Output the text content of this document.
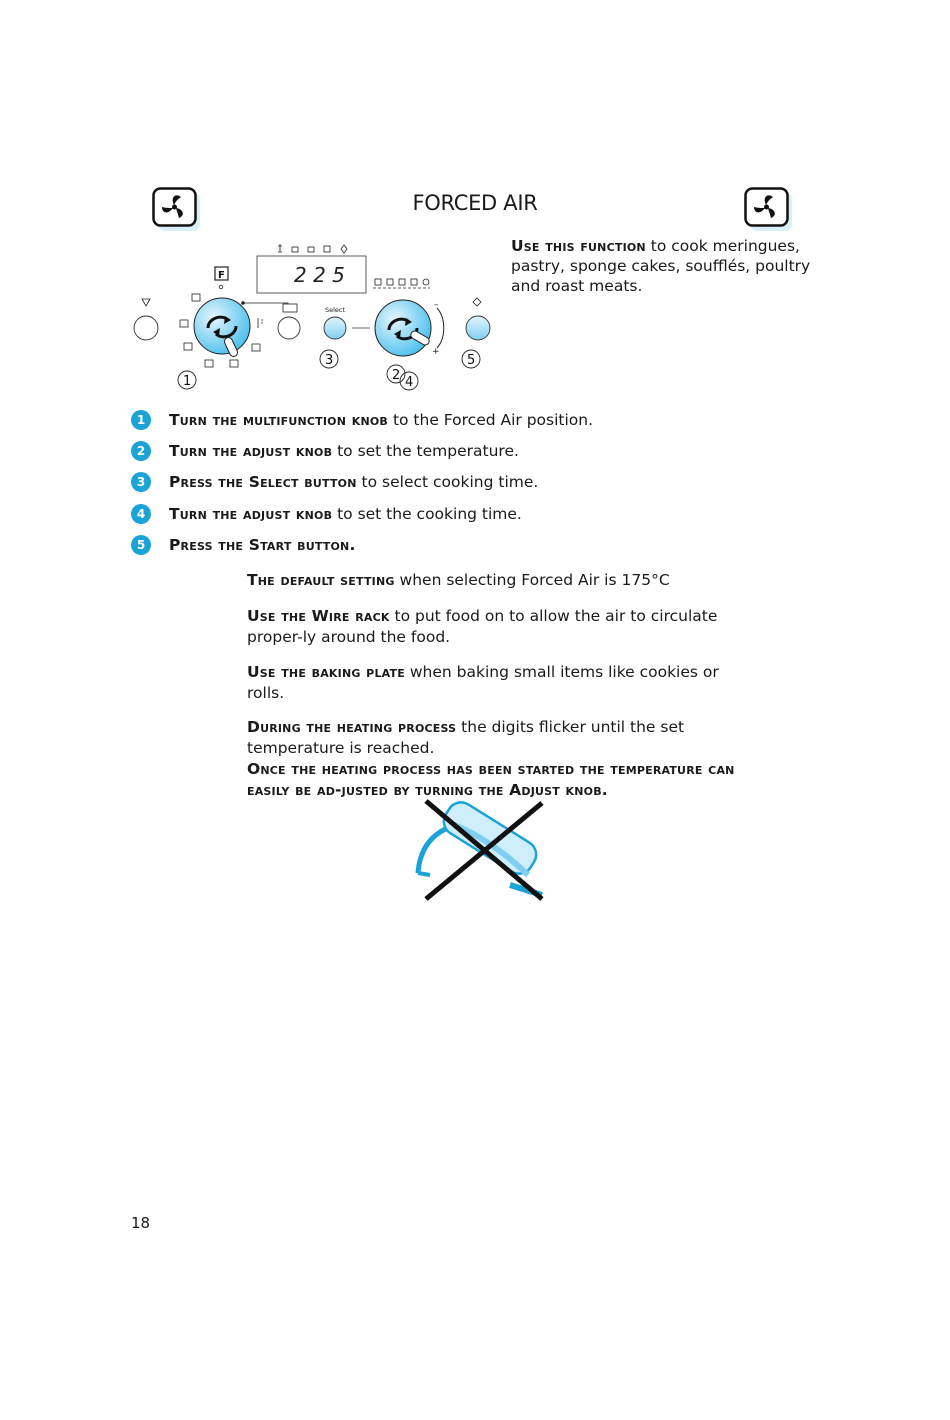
FORCED AIR
Use this function to cook meringues, pastry, sponge cakes, soufflés, poultry and roast meats.
2 2 5
F
Select	–
+
1	2
3
4
5
1	Turn the multifunction knob to the Forced Air position.
2	Turn the adjust knob to set the temperature.
3	Press the Select button to select cooking time.
4	Turn the adjust knob to set the cooking time.
5	Press the Start button.

The default setting when selecting Forced Air is 175°C

Use the Wire rack to put food on to allow the air to circulate proper-ly around the food.

Use the baking plate when baking small items like cookies or rolls.

During the heating process the digits flicker until the set temperature is reached.

Once the heating process has been started the temperature can easily be ad-justed by turning the Adjust knob.

18
